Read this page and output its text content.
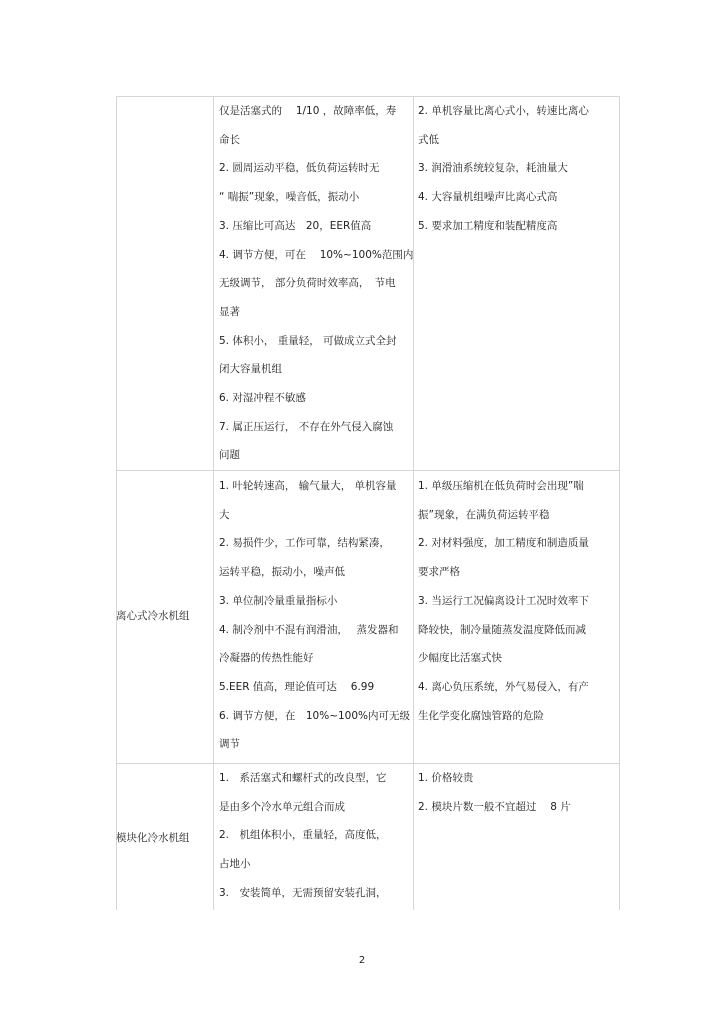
仅是活塞式的　 1/10 ，故障率低，寿
命长
2. 圆周运动平稳，低负荷运转时无
“ 喘振”现象，噪音低，振动小
3. 压缩比可高达　20，EER值高
4. 调节方便，可在　 10%~100%范围内
无级调节， 部分负荷时效率高，　节电
显著
5. 体积小， 重量轻， 可做成立式全封
闭大容量机组
6. 对湿冲程不敏感
7. 属正压运行， 不存在外气侵入腐蚀
问题
2. 单机容量比离心式小，转速比离心
式低
3. 润滑油系统较复杂，耗油量大
4. 大容量机组噪声比离心式高
5. 要求加工精度和装配精度高
离心式冷水机组
1. 叶轮转速高， 输气量大， 单机容量
大
2. 易损件少，工作可靠，结构紧凑，
运转平稳，振动小，噪声低
3. 单位制冷量重量指标小
4. 制冷剂中不混有润滑油，　 蒸发器和
冷凝器的传热性能好
5.EER 值高，理论值可达　 6.99
6. 调节方便，在　10%~100%内可无级
调节
1. 单级压缩机在低负荷时会出现”喘
振”现象，在满负荷运转平稳
2. 对材料强度，加工精度和制造质量
要求严格
3. 当运行工况偏离设计工况时效率下
降较快，制冷量随蒸发温度降低而减
少幅度比活塞式快
4. 离心负压系统，外气易侵入，有产
生化学变化腐蚀管路的危险
模块化冷水机组
1.　系活塞式和螺杆式的改良型，它
是由多个冷水单元组合而成
2.　机组体积小，重量轻，高度低，
占地小
3.　安装简单，无需预留安装孔洞，
1. 价格较贵
2. 模块片数一般不宜超过　 8 片
2
